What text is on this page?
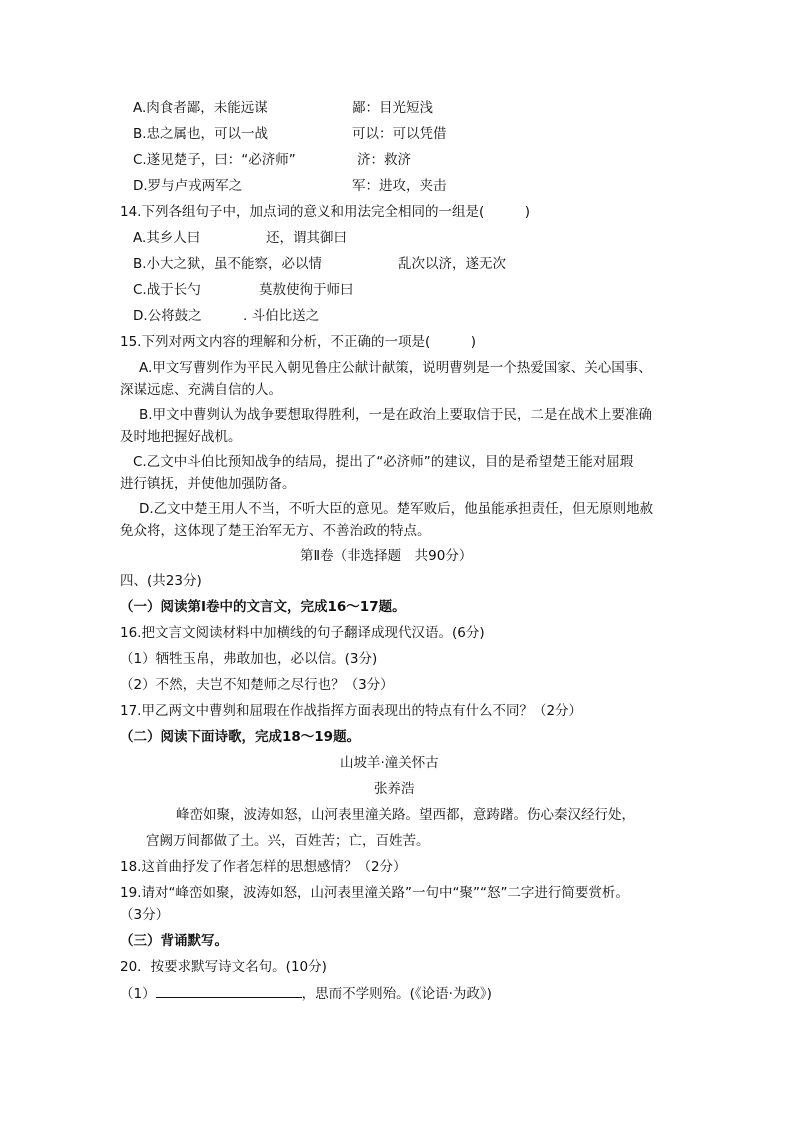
A.肉食者鄙，未能远谋	鄙：目光短浅
B.忠之属也，可以一战	可以：可以凭借
C.遂见楚子，曰：“必济师”	济：救济
D.罗与卢戎两军之	军：进攻，夹击
14.下列各组句子中，加点词的意义和用法完全相同的一组是(　　　)
A.其乡人曰	还，谓其御曰
B.小大之狱，虽不能察，必以情	乱次以济，遂无次
C.战于长勺	莫敖使徇于师曰
D.公将鼓之	. 斗伯比送之
15.下列对两文内容的理解和分析，不正确的一项是(　　　)
A.甲文写曹刿作为平民入朝见鲁庄公献计献策，说明曹刿是一个热爱国家、关心国事、
深谋远虑、充满自信的人。
B.甲文中曹刿认为战争要想取得胜利，一是在政治上要取信于民，二是在战术上要准确
及时地把握好战机。
C.乙文中斗伯比预知战争的结局，提出了“必济师”的建议，目的是希望楚王能对屈瑕
进行镇抚，并使他加强防备。
D.乙文中楚王用人不当，不听大臣的意见。楚军败后，他虽能承担责任，但无原则地赦
免众将，这体现了楚王治军无方、不善治政的特点。
第Ⅱ卷（非选择题　共90分）
四、(共23分)
（一）阅读第Ⅰ卷中的文言文，完成16～17题。
16.把文言文阅读材料中加横线的句子翻译成现代汉语。(6分)
（1）牺牲玉帛，弗敢加也，必以信。(3分)
（2）不然，夫岂不知楚师之尽行也？（3分）
17.甲乙两文中曹刿和屈瑕在作战指挥方面表现出的特点有什么不同？（2分）
（二）阅读下面诗歌，完成18～19题。
山坡羊·潼关怀古
张养浩
峰峦如聚，波涛如怒，山河表里潼关路。望西都，意踌躇。伤心秦汉经行处，
宫阙万间都做了土。兴，百姓苦；亡，百姓苦。
18.这首曲抒发了作者怎样的思想感情？（2分）
19.请对“峰峦如聚，波涛如怒，山河表里潼关路”一句中“聚”“怒”二字进行简要赏析。
（3分）
（三）背诵默写。
20．按要求默写诗文名句。(10分)
（1）	，思而不学则殆。(《论语·为政》)
